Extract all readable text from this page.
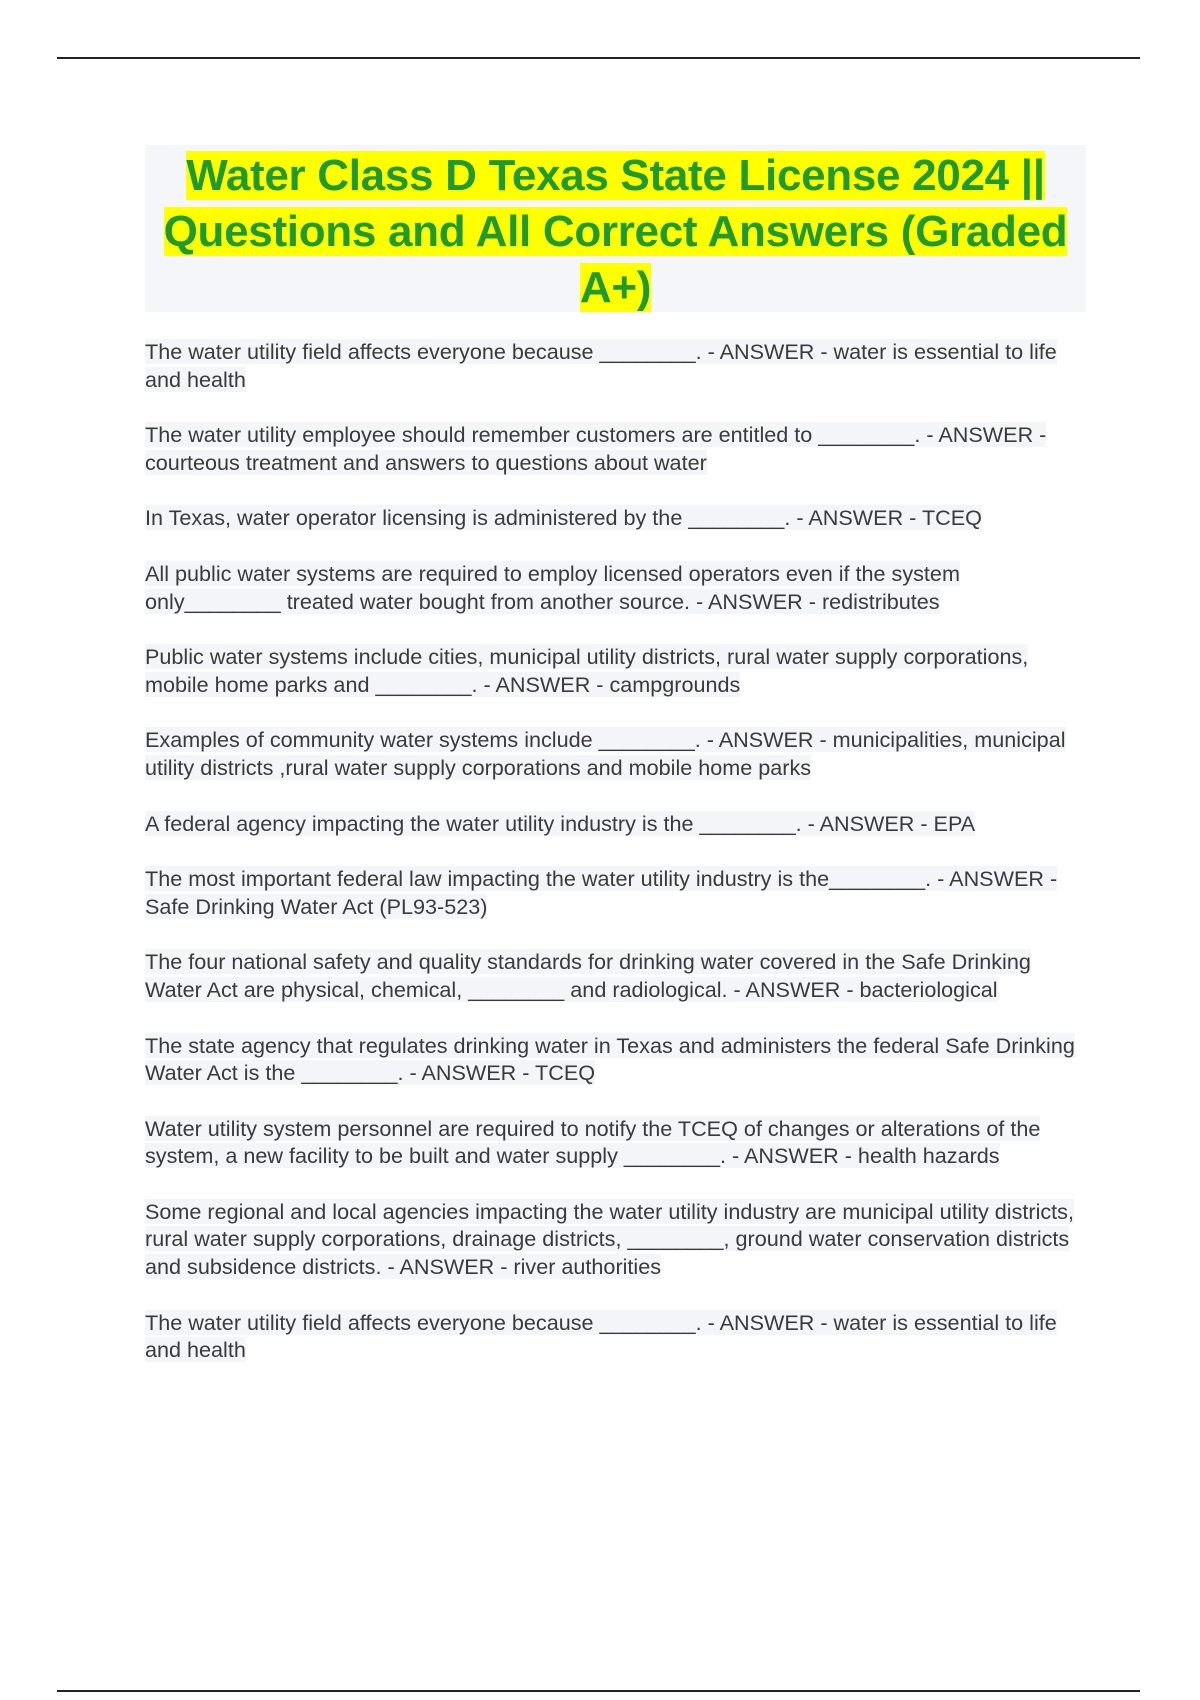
Water Class D Texas State License 2024 || Questions and All Correct Answers (Graded A+)

The water utility field affects everyone because ________. - ANSWER - water is essential to life and health

The water utility employee should remember customers are entitled to ________. - ANSWER - courteous treatment and answers to questions about water

In Texas, water operator licensing is administered by the ________. - ANSWER - TCEQ

All public water systems are required to employ licensed operators even if the system only________ treated water bought from another source. - ANSWER - redistributes

Public water systems include cities, municipal utility districts, rural water supply corporations, mobile home parks and ________. - ANSWER - campgrounds

Examples of community water systems include ________. - ANSWER - municipalities, municipal utility districts ,rural water supply corporations and mobile home parks

A federal agency impacting the water utility industry is the ________. - ANSWER - EPA

The most important federal law impacting the water utility industry is the________. - ANSWER - Safe Drinking Water Act (PL93-523)

The four national safety and quality standards for drinking water covered in the Safe Drinking Water Act are physical, chemical, ________ and radiological. - ANSWER - bacteriological

The state agency that regulates drinking water in Texas and administers the federal Safe Drinking Water Act is the ________. - ANSWER - TCEQ

Water utility system personnel are required to notify the TCEQ of changes or alterations of the system, a new facility to be built and water supply ________. - ANSWER - health hazards

Some regional and local agencies impacting the water utility industry are municipal utility districts, rural water supply corporations, drainage districts, ________, ground water conservation districts and subsidence districts. - ANSWER - river authorities

The water utility field affects everyone because ________. - ANSWER - water is essential to life and health
